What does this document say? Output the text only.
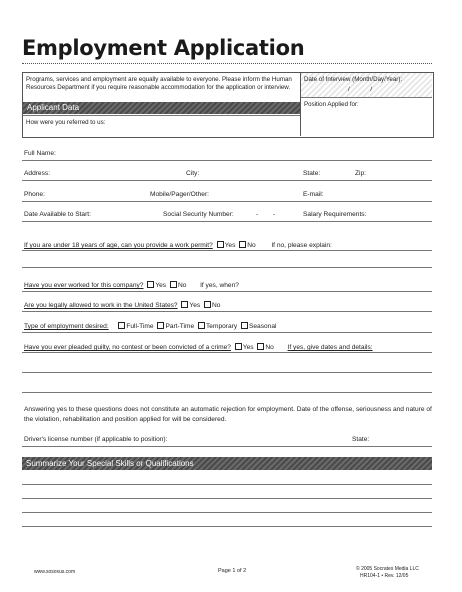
Employment Application
Programs, services and employment are equally available to everyone. Please inform the Human Resources Department if you require reasonable accommodation for the application or interview.
Date of Interview (Month/Day/Year):
/            /
Applicant Data	Position Applied for:
How were you referred to us:
Full Name:
Address:	City:	State:	Zip:
Phone:	Mobile/Pager/Other:	E-mail:
Date Available to Start:	Social Security Number:	-        -	Salary Requirements:
If you are under 18 years of age, can you provide a work permit? Yes No If no, please explain:
Have you ever worked for this company? Yes No If yes, when?
Are you legally allowed to work in the United States? Yes No
Type of employment desired:	Full-Time Part-Time Temporary Seasonal
Have you ever pleaded guilty, no contest or been convicted of a crime? Yes No If yes, give dates and details:
Answering yes to these questions does not constitute an automatic rejection for employment. Date of the offense, seriousness and nature of the violation, rehabilitation and position applied for will be considered.
Driver's license number (if applicable to position):	State:
Summarize Your Special Skills or Qualifications
www.sosoxus.com	Page 1 of 2	© 2005 Socrates Media LLC
HR104-1 • Rev. 12/05
